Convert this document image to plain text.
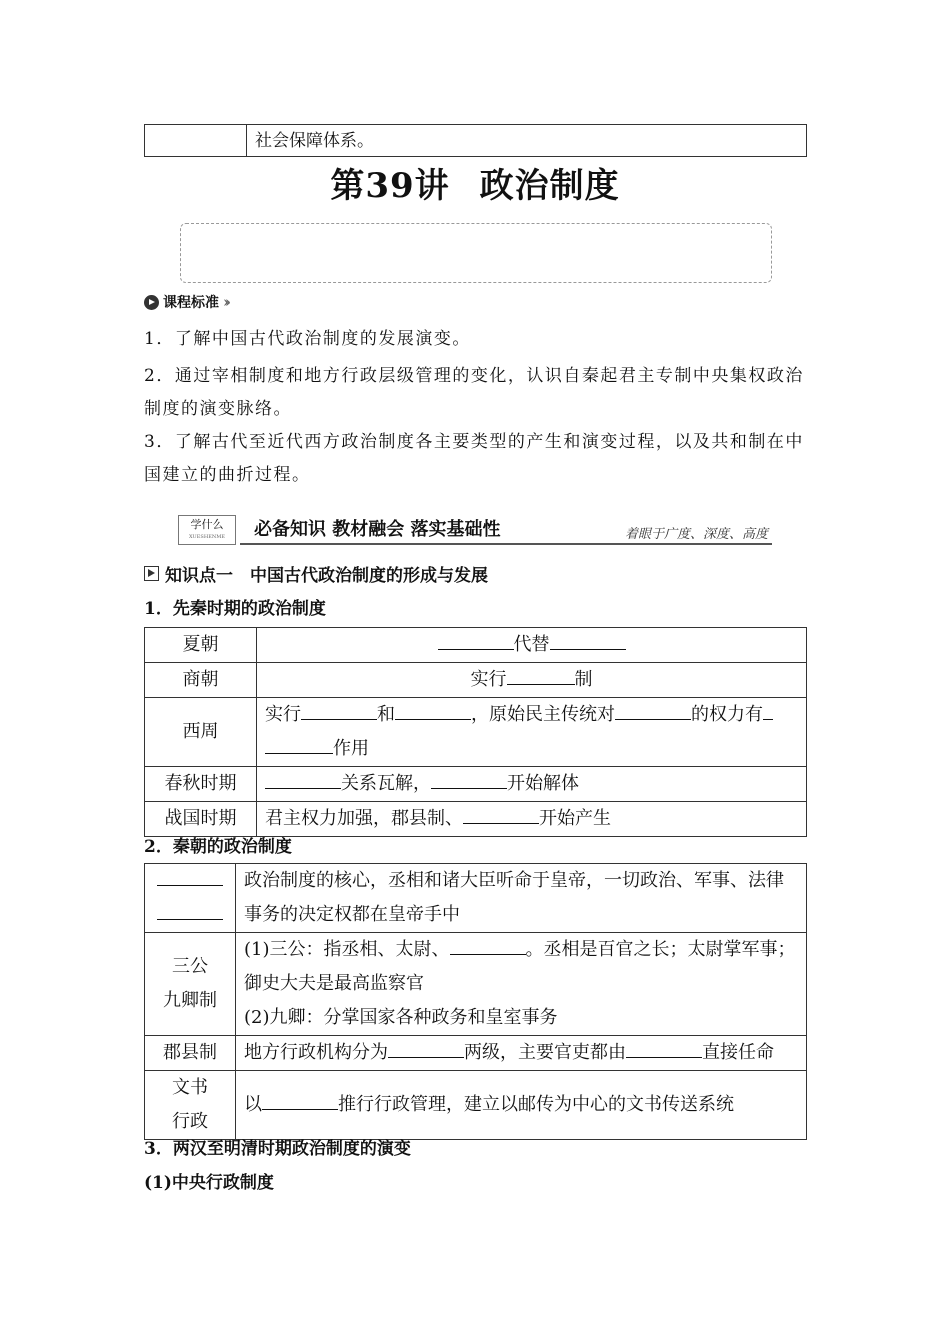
	社会保障体系。
第39讲 政治制度
课程标准 ››

1．了解中国古代政治制度的发展演变。

2．通过宰相制度和地方行政层级管理的变化，认识自秦起君主专制中央集权政治制度的演变脉络。

3．了解古代至近代西方政治制度各主要类型的产生和演变过程，以及共和制在中国建立的曲折过程。

学什么
XUESHENME	必备知识 教材融会 落实基础性	着眼于广度、深度、高度
知识点一　中国古代政治制度的形成与发展
1．先秦时期的政治制度
夏朝	代替
商朝	实行 制
西周	实行 和 ，原始民主传统对 的权力有
作用
春秋时期	关系瓦解， 开始解体
战国时期	君主权力加强，郡县制、 开始产生
2．秦朝的政治制度

	政治制度的核心，丞相和诸大臣听命于皇帝，一切政治、军事、法律事务的决定权都在皇帝手中
三公
九卿制	(1)三公：指丞相、太尉、 。丞相是百官之长；太尉掌军事；御史大夫是最高监察官
(2)九卿：分掌国家各种政务和皇室事务
郡县制	地方行政机构分为 两级，主要官吏都由 直接任命
文书
行政	以 推行行政管理，建立以邮传为中心的文书传送系统
3．两汉至明清时期政治制度的演变
(1)中央行政制度
